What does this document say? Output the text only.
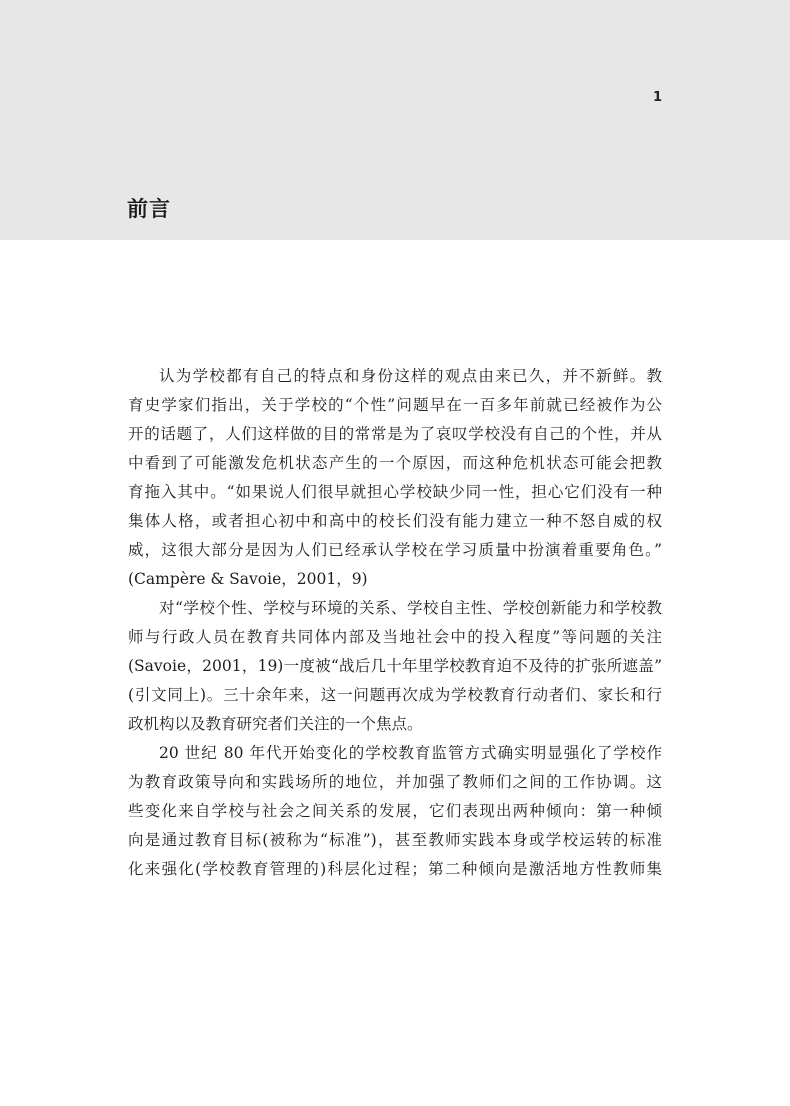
1
前言

认为学校都有自己的特点和身份这样的观点由来已久，并不新鲜。教
育史学家们指出，关于学校的“个性”问题早在一百多年前就已经被作为公
开的话题了，人们这样做的目的常常是为了哀叹学校没有自己的个性，并从
中看到了可能激发危机状态产生的一个原因，而这种危机状态可能会把教
育拖入其中。“如果说人们很早就担心学校缺少同一性，担心它们没有一种
集体人格，或者担心初中和高中的校长们没有能力建立一种不怒自威的权
威，这很大部分是因为人们已经承认学校在学习质量中扮演着重要角色。”
(Campère & Savoie，2001，9)

对“学校个性、学校与环境的关系、学校自主性、学校创新能力和学校教
师与行政人员在教育共同体内部及当地社会中的投入程度”等问题的关注
(Savoie，2001，19)一度被“战后几十年里学校教育迫不及待的扩张所遮盖”
(引文同上)。三十余年来，这一问题再次成为学校教育行动者们、家长和行
政机构以及教育研究者们关注的一个焦点。

20 世纪 80 年代开始变化的学校教育监管方式确实明显强化了学校作
为教育政策导向和实践场所的地位，并加强了教师们之间的工作协调。这
些变化来自学校与社会之间关系的发展，它们表现出两种倾向：第一种倾
向是通过教育目标(被称为“标准”)，甚至教师实践本身或学校运转的标准
化来强化(学校教育管理的)科层化过程；第二种倾向是激活地方性教师集
